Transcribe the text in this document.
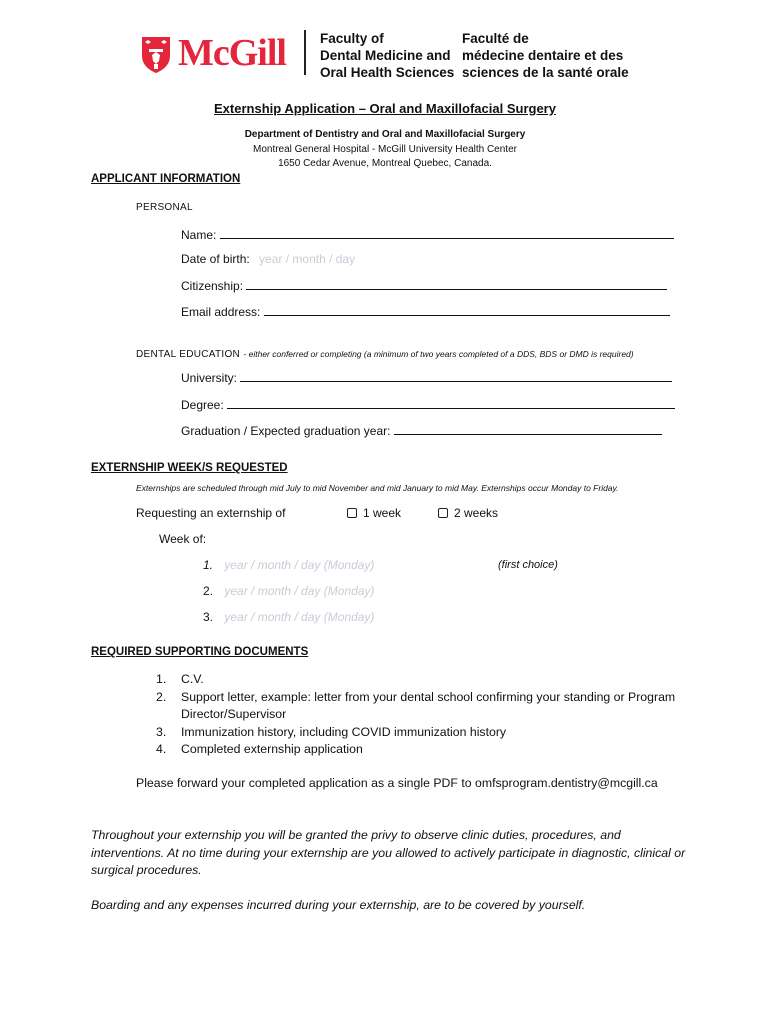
McGill	Faculty of
Dental Medicine and
Oral Health Sciences
Faculté de
médecine dentaire et des
sciences de la santé orale
Externship Application – Oral and Maxillofacial Surgery
Department of Dentistry and Oral and Maxillofacial Surgery
Montreal General Hospital - McGill University Health Center
1650 Cedar Avenue, Montreal Quebec, Canada.
APPLICANT INFORMATION
PERSONAL
Name:
Date of birth: year / month / day
Citizenship:
Email address:
DENTAL EDUCATION - either conferred or completing (a minimum of two years completed of a DDS, BDS or DMD is required)
University:
Degree:
Graduation / Expected graduation year:
EXTERNSHIP WEEK/S REQUESTED
Externships are scheduled through mid July to mid November and mid January to mid May. Externships occur Monday to Friday.
Requesting an externship of	1 week	2 weeks
Week of:
1. year / month / day (Monday)	(first choice)
2. year / month / day (Monday)
3. year / month / day (Monday)
REQUIRED SUPPORTING DOCUMENTS
1. C.V.
2. Support letter, example: letter from your dental school confirming your standing or Program Director/Supervisor
3. Immunization history, including COVID immunization history
4. Completed externship application
Please forward your completed application as a single PDF to omfsprogram.dentistry@mcgill.ca
Throughout your externship you will be granted the privy to observe clinic duties, procedures, and interventions. At no time during your externship are you allowed to actively participate in diagnostic, clinical or surgical procedures.
Boarding and any expenses incurred during your externship, are to be covered by yourself.
